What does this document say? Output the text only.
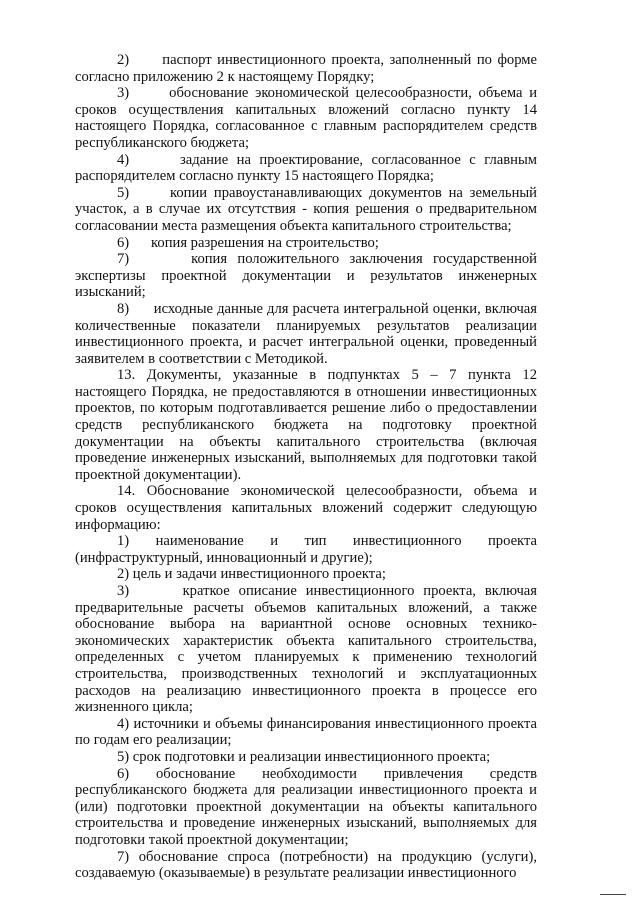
2)      паспорт инвестиционного проекта, заполненный по форме согласно приложению 2 к настоящему Порядку;

3)      обоснование экономической целесообразности, объема и сроков осуществления капитальных вложений согласно пункту 14 настоящего Порядка, согласованное с главным распорядителем средств республиканского бюджета;

4)      задание на проектирование, согласованное с главным распорядителем согласно пункту 15 настоящего Порядка;

5)      копии правоустанавливающих документов на земельный участок, а в случае их отсутствия - копия решения о предварительном согласовании места размещения объекта капитального строительства;

6)      копия разрешения на строительство;

7)      копия положительного заключения государственной экспертизы проектной документации и результатов инженерных изысканий;

8)      исходные данные для расчета интегральной оценки, включая количественные показатели планируемых результатов реализации инвестиционного проекта, и расчет интегральной оценки, проведенный заявителем в соответствии с Методикой.

13. Документы, указанные в подпунктах 5 – 7 пункта 12 настоящего Порядка, не предоставляются в отношении инвестиционных проектов, по которым подготавливается решение либо о предоставлении средств республиканского бюджета на подготовку проектной документации на объекты капитального строительства (включая проведение инженерных изысканий, выполняемых для подготовки такой проектной документации).

14. Обоснование экономической целесообразности, объема и сроков осуществления капитальных вложений содержит следующую информацию:

1) наименование и тип инвестиционного проекта (инфраструктурный, инновационный и другие);

2) цель и задачи инвестиционного проекта;

3)      краткое описание инвестиционного проекта, включая предварительные расчеты объемов капитальных вложений, а также обоснование выбора на вариантной основе основных технико-экономических характеристик объекта капитального строительства, определенных с учетом планируемых к применению технологий строительства, производственных технологий и эксплуатационных расходов на реализацию инвестиционного проекта в процессе его жизненного цикла;

4) источники и объемы финансирования инвестиционного проекта по годам его реализации;

5) срок подготовки и реализации инвестиционного проекта;

6) обоснование необходимости привлечения средств республиканского бюджета для реализации инвестиционного проекта и (или) подготовки проектной документации на объекты капитального строительства и проведение инженерных изысканий, выполняемых для подготовки такой проектной документации;

7) обоснование спроса (потребности) на продукцию (услуги), создаваемую (оказываемые) в результате реализации инвестиционного
